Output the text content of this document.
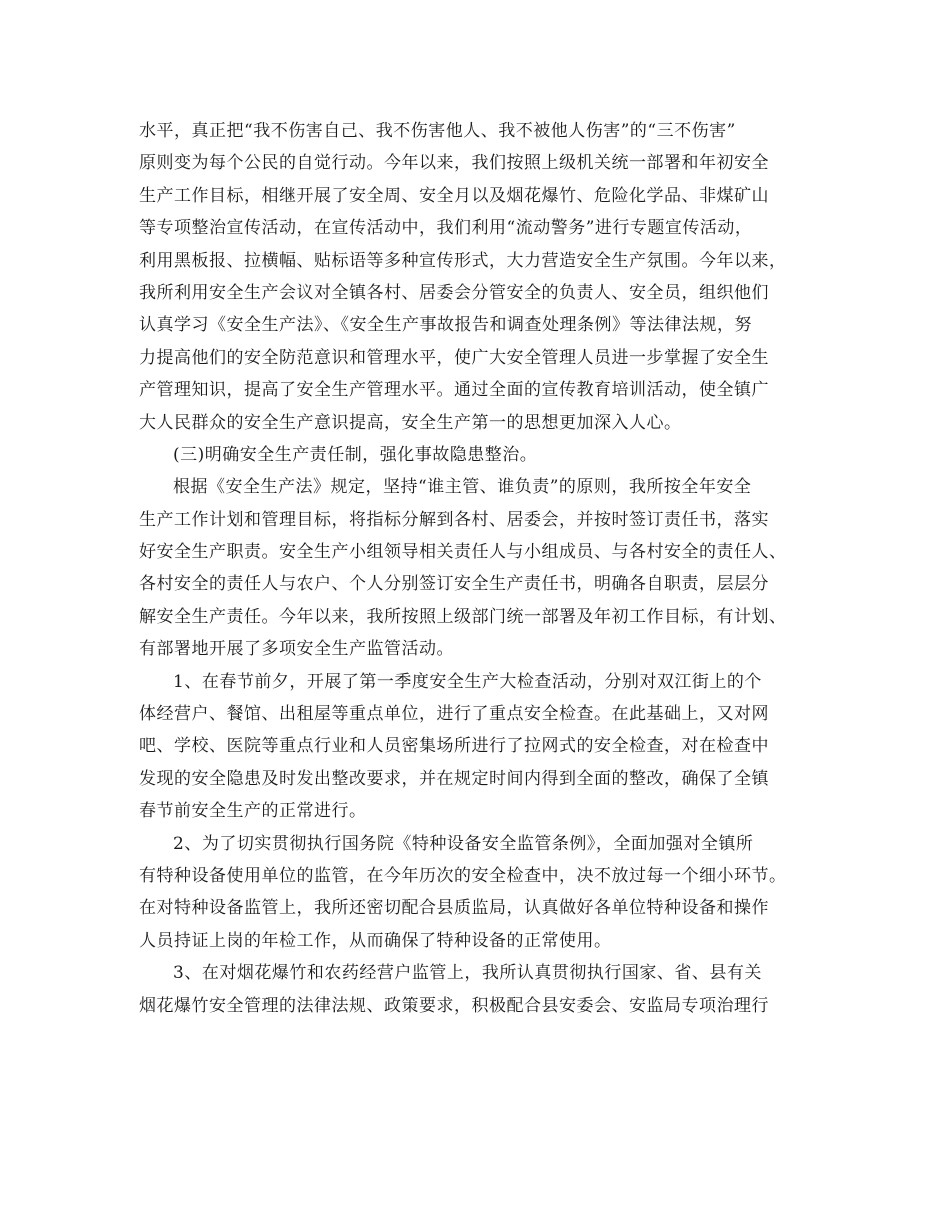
水平，真正把“我不伤害自己、我不伤害他人、我不被他人伤害”的“三不伤害”
原则变为每个公民的自觉行动。今年以来，我们按照上级机关统一部署和年初安全
生产工作目标，相继开展了安全周、安全月以及烟花爆竹、危险化学品、非煤矿山
等专项整治宣传活动，在宣传活动中，我们利用“流动警务”进行专题宣传活动，
利用黑板报、拉横幅、贴标语等多种宣传形式，大力营造安全生产氛围。今年以来，
我所利用安全生产会议对全镇各村、居委会分管安全的负责人、安全员，组织他们
认真学习《安全生产法》、《安全生产事故报告和调查处理条例》等法律法规，努
力提高他们的安全防范意识和管理水平，使广大安全管理人员进一步掌握了安全生
产管理知识，提高了安全生产管理水平。通过全面的宣传教育培训活动，使全镇广
大人民群众的安全生产意识提高，安全生产第一的思想更加深入人心。
(三)明确安全生产责任制，强化事故隐患整治。
根据《安全生产法》规定，坚持“谁主管、谁负责”的原则，我所按全年安全
生产工作计划和管理目标，将指标分解到各村、居委会，并按时签订责任书，落实
好安全生产职责。安全生产小组领导相关责任人与小组成员、与各村安全的责任人、
各村安全的责任人与农户、个人分别签订安全生产责任书，明确各自职责，层层分
解安全生产责任。今年以来，我所按照上级部门统一部署及年初工作目标，有计划、
有部署地开展了多项安全生产监管活动。
1、在春节前夕，开展了第一季度安全生产大检查活动，分别对双江街上的个
体经营户、餐馆、出租屋等重点单位，进行了重点安全检查。在此基础上，又对网
吧、学校、医院等重点行业和人员密集场所进行了拉网式的安全检查，对在检查中
发现的安全隐患及时发出整改要求，并在规定时间内得到全面的整改，确保了全镇
春节前安全生产的正常进行。
2、为了切实贯彻执行国务院《特种设备安全监管条例》，全面加强对全镇所
有特种设备使用单位的监管，在今年历次的安全检查中，决不放过每一个细小环节。
在对特种设备监管上，我所还密切配合县质监局，认真做好各单位特种设备和操作
人员持证上岗的年检工作，从而确保了特种设备的正常使用。
3、在对烟花爆竹和农药经营户监管上，我所认真贯彻执行国家、省、县有关
烟花爆竹安全管理的法律法规、政策要求，积极配合县安委会、安监局专项治理行
